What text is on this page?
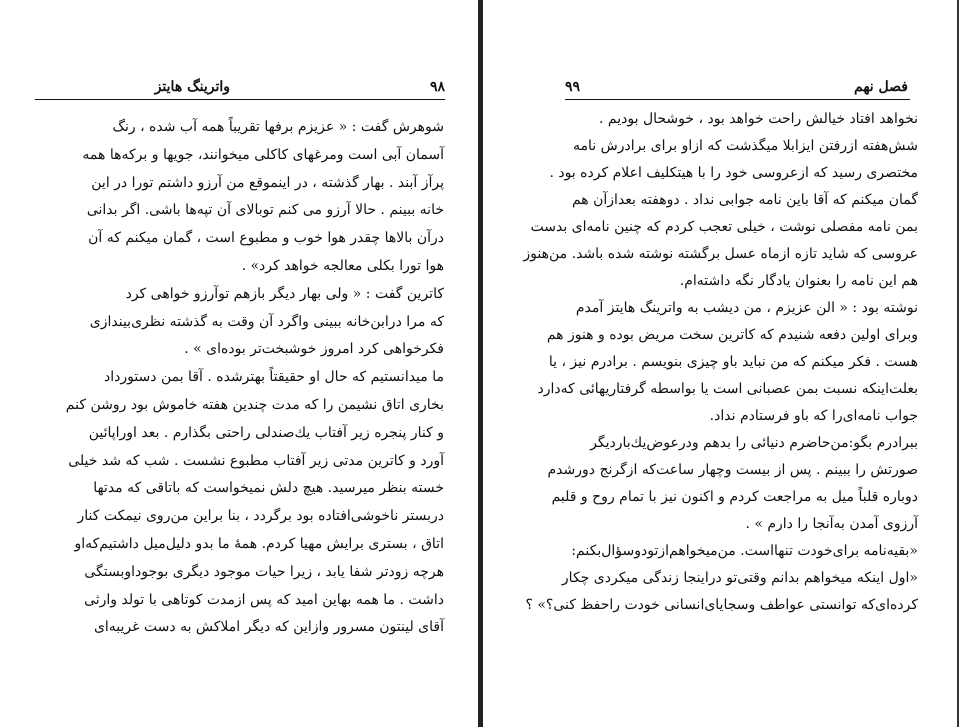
۹۸
واترینگ هایتز
شوهرش گفت : « عزیزم برفها تقریباً همه آب شده ، رنگ
آسمان آبی است ومرغهای کاکلی میخوانند، جویها و برکه‌ها همه
پرآز آبند . بهار گذشته ، در اینموقع من آرزو داشتم تورا در این
خانه ببینم . حالا آرزو می کنم توبالای آن تپه‌ها باشی. اگر بدانی
درآن بالاها چقدر هوا خوب و مطبوع است ، گمان میکنم که آن
هوا تورا بکلی معالجه خواهد کرد» .
کاترین گفت : « ولی بهار دیگر بازهم توآرزو خواهی کرد
که مرا درابن‌خانه ببینی واگرد آن وقت به گذشته نظری‌بیندازی
فکرخواهی کرد امروز خوشبخت‌تر بوده‌ای » .
ما میدانستیم که حال او حقیقتاً بهترشده . آقا بمن دستورداد
بخاری اتاق نشیمن را که مدت چندین هفته خاموش بود روشن کنم
و کنار پنجره زیر آفتاب یك‌صندلی راحتی بگذارم . بعد اورا‌پائین
آورد و کاترین مدتی زیر آفتاب مطبوع نشست . شب که شد خیلی
خسته بنظر میرسید. هیچ دلش نمیخواست که باتاقی که مدتها
دربستر ناخوشی‌افتاده بود برگردد ، بنا براین من‌روی نیمکت کنار
اتاق ، بستری برایش مهیا کردم. همهٔ ما بدو دلیل‌میل داشتیم‌که‌او
هرچه زودتر شفا یابد ، زیرا حیات موجود دیگری بوجوداو‌بستگی
داشت . ما همه بهاین امید که پس ازمدت کوتاهی با تولد وارثی
آقای لینتون مسرور وازاین که دیگر املاکش به دست غریبه‌ای
۹۹	فصل نهم
نخواهد افتاد خیالش راحت خواهد بود ، خوشحال بودیم .
شش‌هفته ازرفتن ایزابلا میگذشت که ازاو برای برادرش نامه
مختصری رسید که ازعروسی خود را با هیتکلیف اعلام کرده بود .
گمان میکنم که آقا باین نامه جوابی نداد . دوهفته بعدازآن هم
بمن نامه مفصلی نوشت ، خیلی تعجب کردم که چنین نامه‌ای بدست
عروسی که شاید تازه ازماه عسل برگشته نوشته شده باشد. من‌هنوز
هم این نامه را بعنوان یادگار نگه داشته‌ام.
نوشته بود : « الن عزیزم ، من دیشب به واترینگ هایتز آمدم
وبرای اولین دفعه شنیدم که کاترین سخت مریض بوده و هنوز هم
هست . فکر میکنم که من نباید باو چیزی بنویسم . برادرم نیز ، یا
بعلت‌اینکه نسبت بمن عصبانی است یا بواسطه گرفتاریهائی که‌دارد
جواب نامه‌ای‌را که باو فرستادم نداد.
ببرادرم بگو:‌من‌حاضرم دنیائی را بدهم و‌درعوض‌یك‌بار‌دیگر
صورتش را ببینم . پس از بیست وچهار ساعت‌که ازگرنج دورشدم
دوباره قلباً میل به مراجعت کردم و اکنون نیز با تمام روح و قلبم
آرزوی آمدن به‌آنجا را دارم » .
«بقیه‌نامه برای‌خودت تنهااست. من‌میخواهم‌ازتو‌دوسؤال‌بکنم:
«اول اینکه میخواهم بدانم وقتی‌تو دراینجا زندگی میکردی چکار
کرده‌ای‌که توانستی عواطف وسجایای‌انسانی خودت راحفظ کنی؟» ؟
